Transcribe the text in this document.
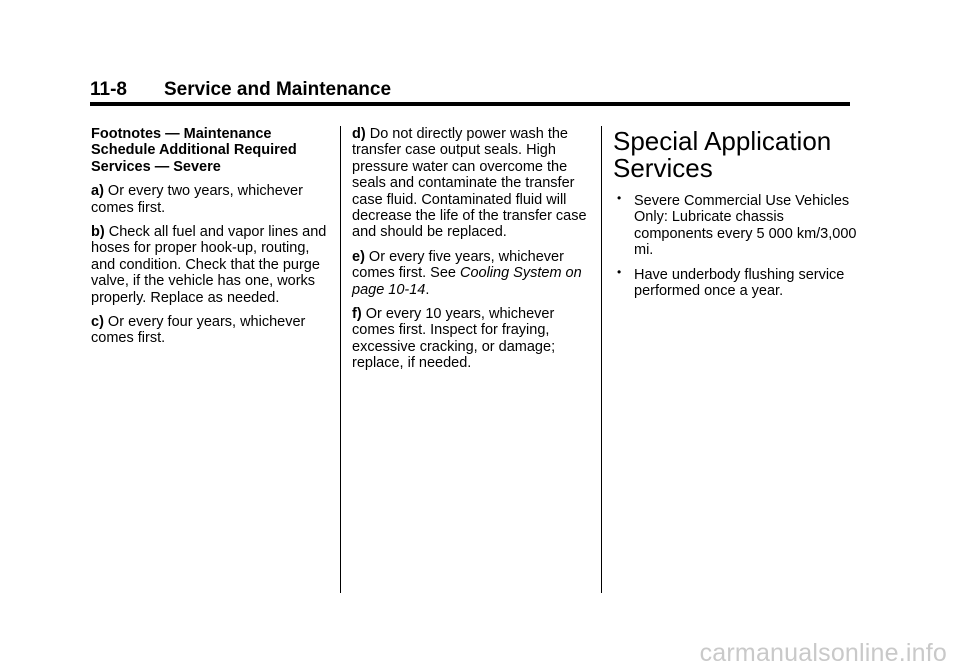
11-8	Service and Maintenance

Footnotes — Maintenance Schedule Additional Required Services — Severe

a) Or every two years, whichever comes first.

b) Check all fuel and vapor lines and hoses for proper hook-up, routing, and condition. Check that the purge valve, if the vehicle has one, works properly. Replace as needed.

c) Or every four years, whichever comes first.

d) Do not directly power wash the transfer case output seals. High pressure water can overcome the seals and contaminate the transfer case fluid. Contaminated fluid will decrease the life of the transfer case and should be replaced.

e) Or every five years, whichever comes first. See Cooling System on page 10-14.

f) Or every 10 years, whichever comes first. Inspect for fraying, excessive cracking, or damage; replace, if needed.

Special Application Services
• Severe Commercial Use Vehicles Only: Lubricate chassis components every 5 000 km/3,000 mi.
• Have underbody flushing service performed once a year.
carmanualsonline.info
